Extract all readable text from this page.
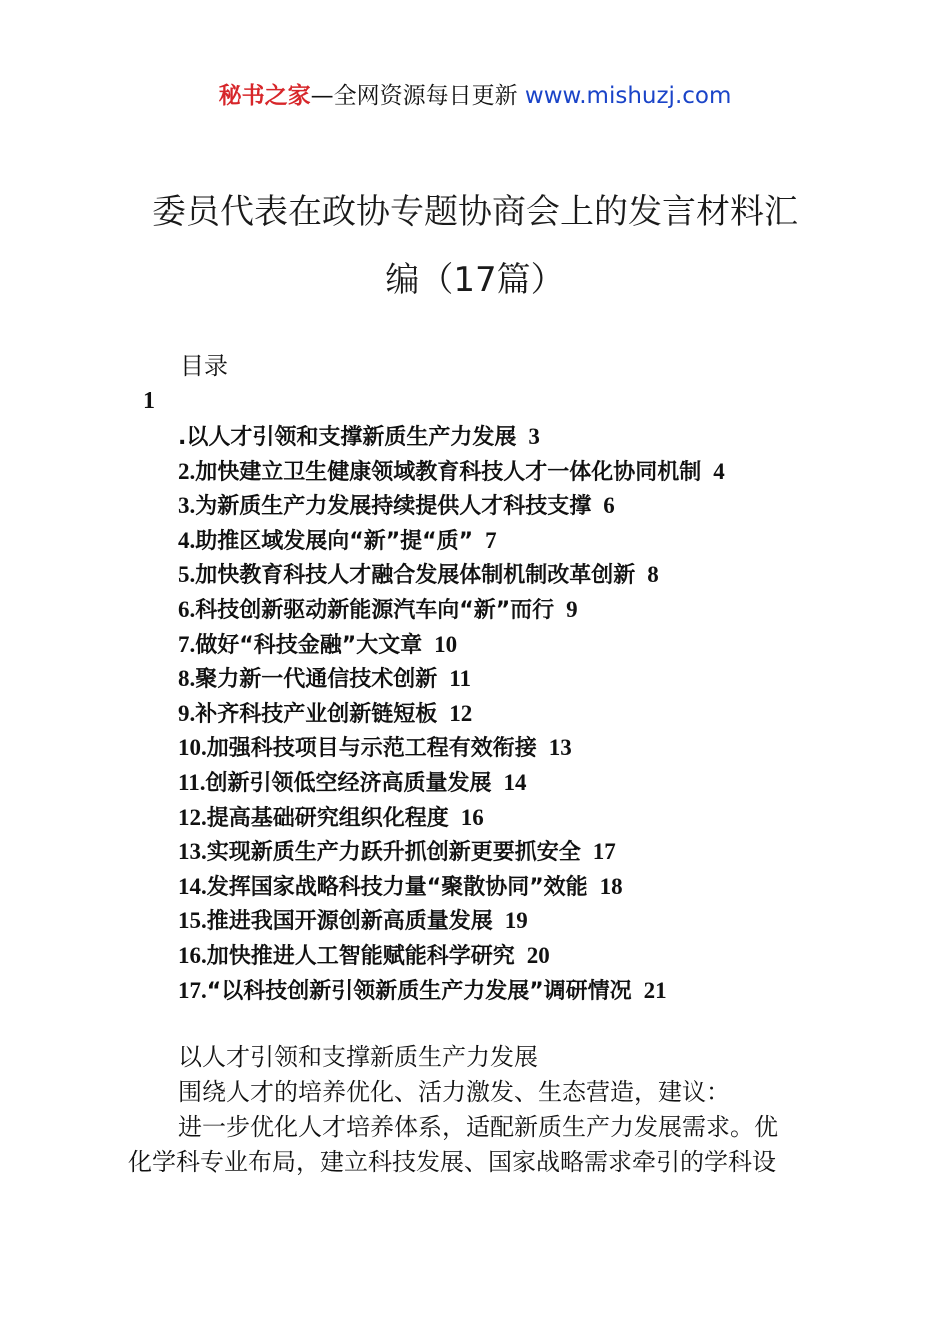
秘书之家—全网资源每日更新 www.mishuzj.com
委员代表在政协专题协商会上的发言材料汇
编（17篇）
目录
1
.以人才引领和支撑新质生产力发展 3
2.加快建立卫生健康领域教育科技人才一体化协同机制 4
3.为新质生产力发展持续提供人才科技支撑 6
4.助推区域发展向“新”提“质” 7
5.加快教育科技人才融合发展体制机制改革创新 8
6.科技创新驱动新能源汽车向“新”而行 9
7.做好“科技金融”大文章 10
8.聚力新一代通信技术创新 11
9.补齐科技产业创新链短板 12
10.加强科技项目与示范工程有效衔接 13
11.创新引领低空经济高质量发展 14
12.提高基础研究组织化程度 16
13.实现新质生产力跃升抓创新更要抓安全 17
14.发挥国家战略科技力量“聚散协同”效能 18
15.推进我国开源创新高质量发展 19
16.加快推进人工智能赋能科学研究 20
17.“以科技创新引领新质生产力发展”调研情况 21

以人才引领和支撑新质生产力发展

围绕人才的培养优化、活力激发、生态营造，建议：

进一步优化人才培养体系，适配新质生产力发展需求。优

化学科专业布局，建立科技发展、国家战略需求牵引的学科设
